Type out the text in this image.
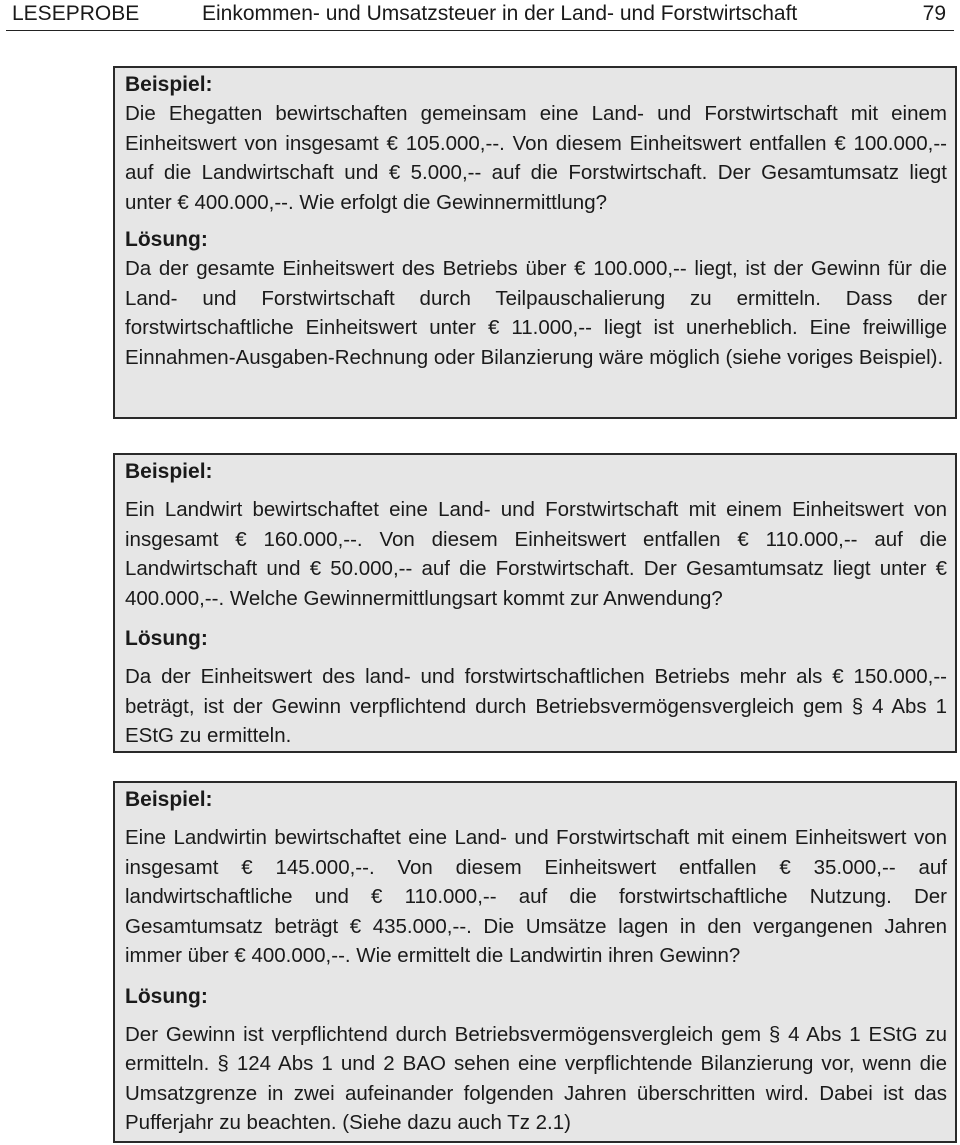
LESEPROBE	Einkommen- und Umsatzsteuer in der Land- und Forstwirtschaft	79

Beispiel:

Die Ehegatten bewirtschaften gemeinsam eine Land- und Forstwirtschaft mit einem Einheitswert von insgesamt € 105.000,--. Von diesem Einheitswert entfallen € 100.000,-- auf die Landwirtschaft und € 5.000,-- auf die Forstwirtschaft. Der Gesamtumsatz liegt unter € 400.000,--. Wie erfolgt die Gewinnermittlung?

Lösung:

Da der gesamte Einheitswert des Betriebs über € 100.000,-- liegt, ist der Gewinn für die Land- und Forstwirtschaft durch Teilpauschalierung zu ermitteln. Dass der forstwirtschaftliche Einheitswert unter € 11.000,-- liegt ist unerheblich. Eine freiwillige Einnahmen-Ausgaben-Rechnung oder Bilanzierung wäre möglich (siehe voriges Beispiel).

Beispiel:

Ein Landwirt bewirtschaftet eine Land- und Forstwirtschaft mit einem Einheitswert von insgesamt € 160.000,--. Von diesem Einheitswert entfallen € 110.000,-- auf die Landwirtschaft und € 50.000,-- auf die Forstwirtschaft. Der Gesamtumsatz liegt unter € 400.000,--. Welche Gewinnermittlungsart kommt zur Anwendung?

Lösung:

Da der Einheitswert des land- und forstwirtschaftlichen Betriebs mehr als € 150.000,-- beträgt, ist der Gewinn verpflichtend durch Betriebsvermögensvergleich gem § 4 Abs 1 EStG zu ermitteln.

Beispiel:

Eine Landwirtin bewirtschaftet eine Land- und Forstwirtschaft mit einem Einheitswert von insgesamt € 145.000,--. Von diesem Einheitswert entfallen € 35.000,-- auf landwirtschaftliche und € 110.000,-- auf die forstwirtschaftliche Nutzung. Der Gesamtumsatz beträgt € 435.000,--. Die Umsätze lagen in den vergangenen Jahren immer über € 400.000,--. Wie ermittelt die Landwirtin ihren Gewinn?

Lösung:

Der Gewinn ist verpflichtend durch Betriebsvermögensvergleich gem § 4 Abs 1 EStG zu ermitteln. § 124 Abs 1 und 2 BAO sehen eine verpflichtende Bilanzierung vor, wenn die Umsatzgrenze in zwei aufeinander folgenden Jahren überschritten wird. Dabei ist das Pufferjahr zu beachten. (Siehe dazu auch Tz 2.1)
